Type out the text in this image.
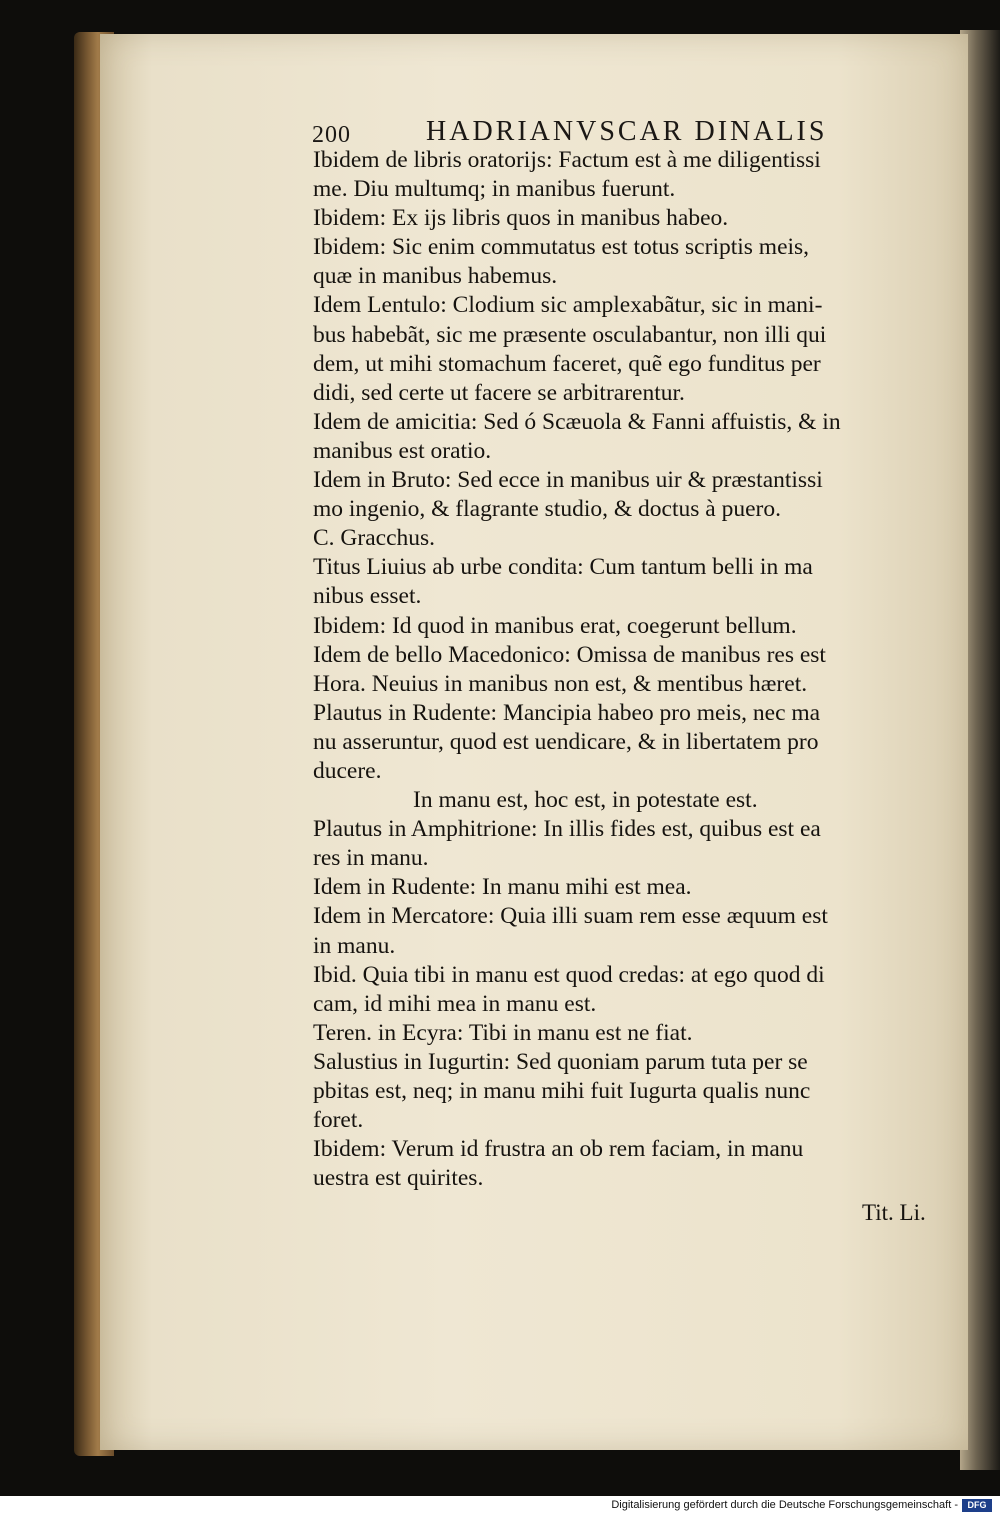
200	HADRIANVSCAR DINALIS
Ibidem de libris oratorijs: Factum est à me diligentissi
me. Diu multumq; in manibus fuerunt.
Ibidem: Ex ijs libris quos in manibus habeo.
Ibidem: Sic enim commutatus est totus scriptis meis,
quæ in manibus habemus.
Idem Lentulo: Clodium sic amplexabãtur, sic in mani-
bus habebãt, sic me præsente osculabantur, non illi qui
dem, ut mihi stomachum faceret, quẽ ego funditus per
didi, sed certe ut facere se arbitrarentur.
Idem de amicitia: Sed ó Scæuola & Fanni affuistis, & in
manibus est oratio.
Idem in Bruto: Sed ecce in manibus uir & præstantissi
mo ingenio, & flagrante studio, & doctus à puero.
C. Gracchus.
Titus Liuius ab urbe condita: Cum tantum belli in ma
nibus esset.
Ibidem: Id quod in manibus erat, coegerunt bellum.
Idem de bello Macedonico: Omissa de manibus res est
Hora. Neuius in manibus non est, & mentibus hæret.
Plautus in Rudente: Mancipia habeo pro meis, nec ma
nu asseruntur, quod est uendicare, & in libertatem pro
ducere.
In manu est, hoc est, in potestate est.
Plautus in Amphitrione: In illis fides est, quibus est ea
res in manu.
Idem in Rudente: In manu mihi est mea.
Idem in Mercatore: Quia illi suam rem esse æquum est
in manu.
Ibid. Quia tibi in manu est quod credas: at ego quod di
cam, id mihi mea in manu est.
Teren. in Ecyra: Tibi in manu est ne fiat.
Salustius in Iugurtin: Sed quoniam parum tuta per se
pbitas est, neq; in manu mihi fuit Iugurta qualis nunc
foret.
Ibidem: Verum id frustra an ob rem faciam, in manu
uestra est quirites.
Tit. Li.
Digitalisierung gefördert durch die Deutsche Forschungsgemeinschaft -	DFG
